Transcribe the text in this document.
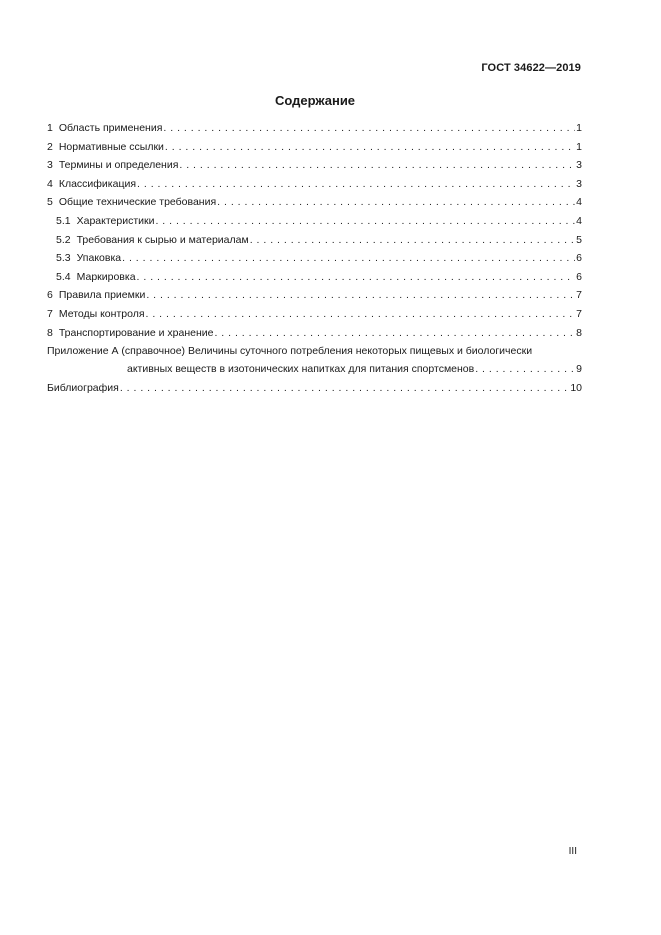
ГОСТ 34622—2019
Содержание
1 Область применения . . .	1
2 Нормативные ссылки . . .	1
3 Термины и определения . . .	3
4 Классификация . . .	3
5 Общие технические требования . . .	4
5.1 Характеристики . . .	4
5.2 Требования к сырью и материалам . . .	5
5.3 Упаковка . . .	6
5.4 Маркировка . . .	6
6 Правила приемки . . .	7
7 Методы контроля . . .	7
8 Транспортирование и хранение . . .	8
Приложение А (справочное) Величины суточного потребления некоторых пищевых и биологически
активных веществ в изотонических напитках для питания спортсменов . . .	9
Библиография . . .	10
III
